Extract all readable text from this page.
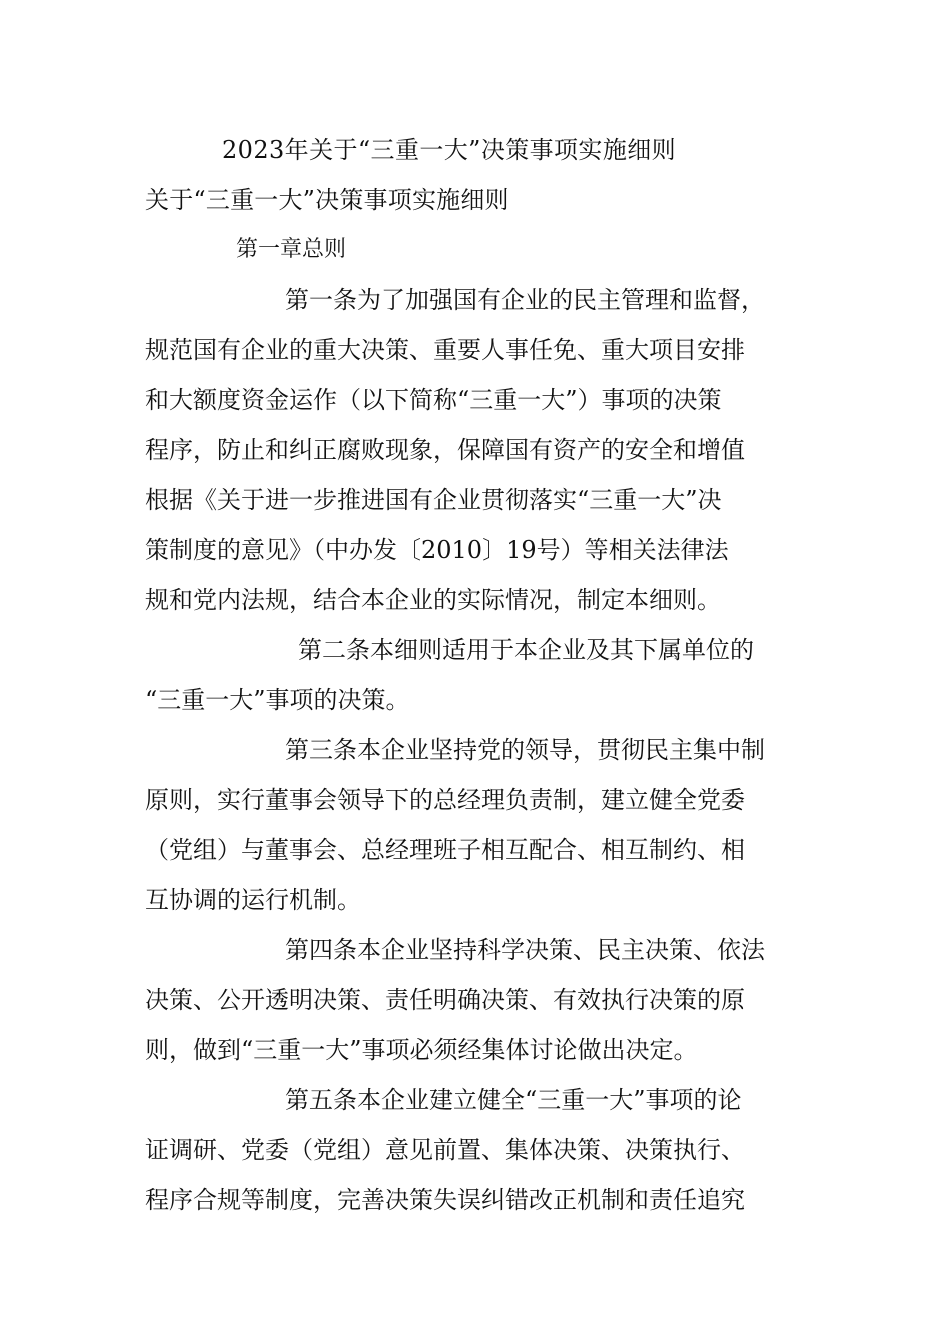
2023年关于“三重一大”决策事项实施细则
关于“三重一大”决策事项实施细则
第一章总则
第一条为了加强国有企业的民主管理和监督，
规范国有企业的重大决策、重要人事任免、重大项目安排
和大额度资金运作（以下简称“三重一大”）事项的决策
程序，防止和纠正腐败现象，保障国有资产的安全和增值
根据《关于进一步推进国有企业贯彻落实“三重一大”决
策制度的意见》（中办发〔2010〕19号）等相关法律法
规和党内法规，结合本企业的实际情况，制定本细则。
第二条本细则适用于本企业及其下属单位的
“三重一大”事项的决策。
第三条本企业坚持党的领导，贯彻民主集中制
原则，实行董事会领导下的总经理负责制，建立健全党委
（党组）与董事会、总经理班子相互配合、相互制约、相
互协调的运行机制。
第四条本企业坚持科学决策、民主决策、依法
决策、公开透明决策、责任明确决策、有效执行决策的原
则，做到“三重一大”事项必须经集体讨论做出决定。
第五条本企业建立健全“三重一大”事项的论
证调研、党委（党组）意见前置、集体决策、决策执行、
程序合规等制度，完善决策失误纠错改正机制和责任追究
